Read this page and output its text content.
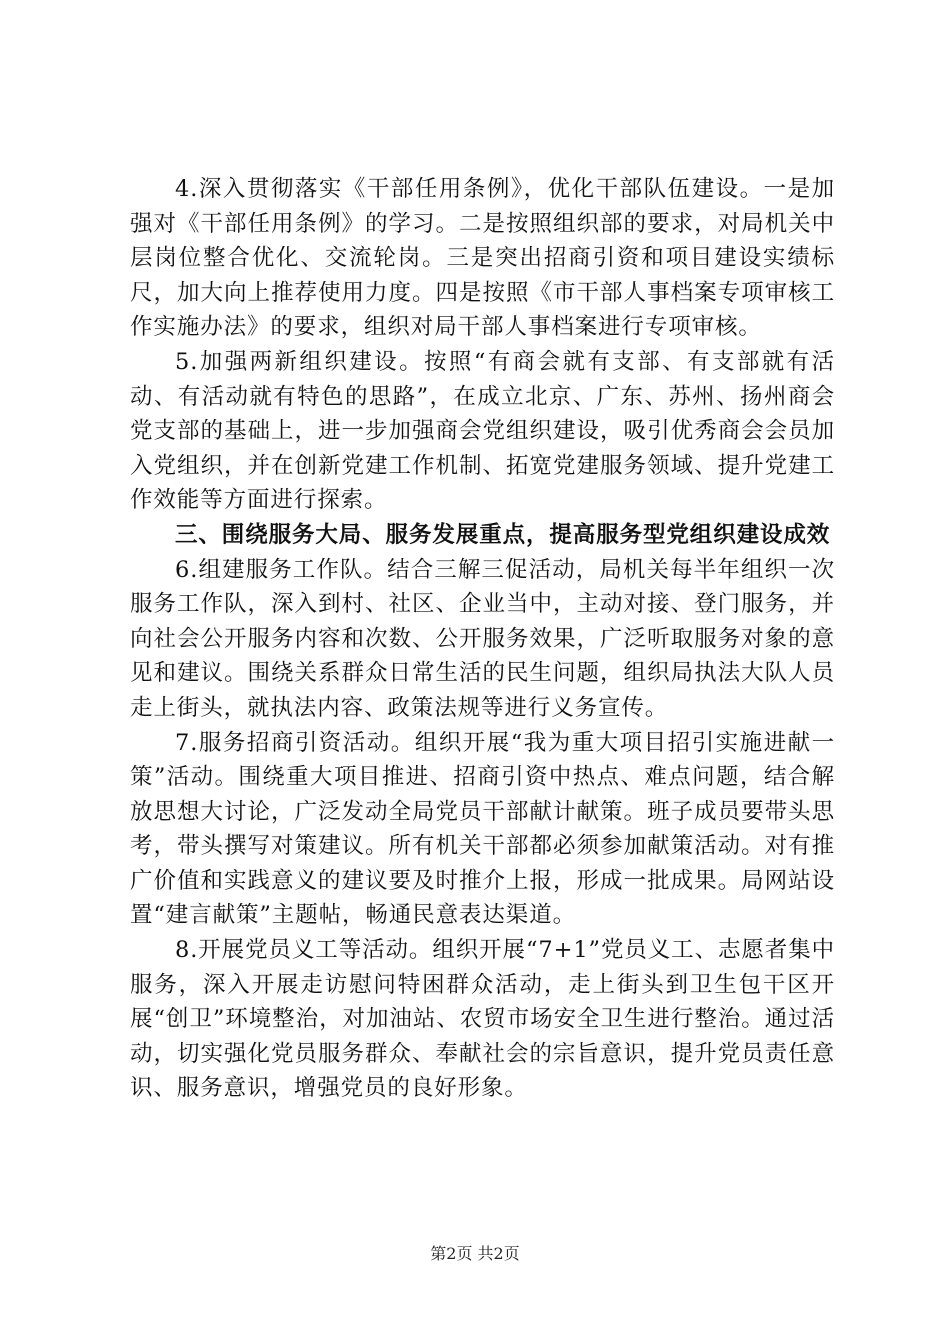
4.深入贯彻落实《干部任用条例》，优化干部队伍建设。一是加强对《干部任用条例》的学习。二是按照组织部的要求，对局机关中层岗位整合优化、交流轮岗。三是突出招商引资和项目建设实绩标尺，加大向上推荐使用力度。四是按照《市干部人事档案专项审核工作实施办法》的要求，组织对局干部人事档案进行专项审核。

5.加强两新组织建设。按照“有商会就有支部、有支部就有活动、有活动就有特色的思路”，在成立北京、广东、苏州、扬州商会党支部的基础上，进一步加强商会党组织建设，吸引优秀商会会员加入党组织，并在创新党建工作机制、拓宽党建服务领域、提升党建工作效能等方面进行探索。

三、围绕服务大局、服务发展重点，提高服务型党组织建设成效

6.组建服务工作队。结合三解三促活动，局机关每半年组织一次服务工作队，深入到村、社区、企业当中，主动对接、登门服务，并向社会公开服务内容和次数、公开服务效果，广泛听取服务对象的意见和建议。围绕关系群众日常生活的民生问题，组织局执法大队人员走上街头，就执法内容、政策法规等进行义务宣传。

7.服务招商引资活动。组织开展“我为重大项目招引实施进献一策”活动。围绕重大项目推进、招商引资中热点、难点问题，结合解放思想大讨论，广泛发动全局党员干部献计献策。班子成员要带头思考，带头撰写对策建议。所有机关干部都必须参加献策活动。对有推广价值和实践意义的建议要及时推介上报，形成一批成果。局网站设置“建言献策”主题帖，畅通民意表达渠道。

8.开展党员义工等活动。组织开展“7+1”党员义工、志愿者集中服务，深入开展走访慰问特困群众活动，走上街头到卫生包干区开展“创卫”环境整治，对加油站、农贸市场安全卫生进行整治。通过活动，切实强化党员服务群众、奉献社会的宗旨意识，提升党员责任意识、服务意识，增强党员的良好形象。

第2页 共2页
